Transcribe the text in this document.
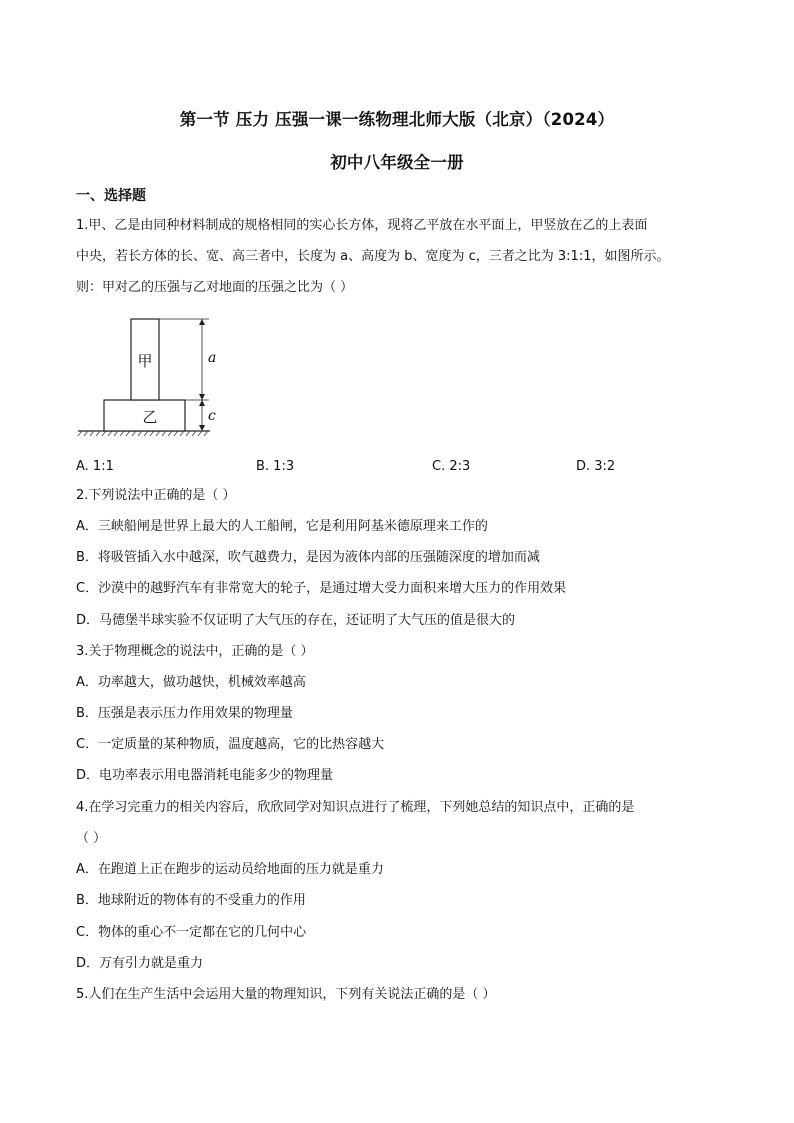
第一节 压力 压强一课一练物理北师大版（北京）（2024）
初中八年级全一册
一、选择题
1.甲、乙是由同种材料制成的规格相同的实心长方体，现将乙平放在水平面上，甲竖放在乙的上表面
中央，若长方体的长、宽、高三者中，长度为 a、高度为 b、宽度为 c，三者之比为 3:1:1，如图所示。
则：甲对乙的压强与乙对地面的压强之比为（ ）
甲
乙
a
c
A. 1:1	B. 1:3	C. 2:3	D. 3:2
2.下列说法中正确的是（ ）
A．三峡船闸是世界上最大的人工船闸，它是利用阿基米德原理来工作的
B．将吸管插入水中越深，吹气越费力，是因为液体内部的压强随深度的增加而减
C．沙漠中的越野汽车有非常宽大的轮子，是通过增大受力面积来增大压力的作用效果
D．马德堡半球实验不仅证明了大气压的存在，还证明了大气压的值是很大的
3.关于物理概念的说法中，正确的是（ ）
A．功率越大，做功越快，机械效率越高
B．压强是表示压力作用效果的物理量
C．一定质量的某种物质，温度越高，它的比热容越大
D．电功率表示用电器消耗电能多少的物理量
4.在学习完重力的相关内容后，欣欣同学对知识点进行了梳理，下列她总结的知识点中，正确的是
（ ）
A．在跑道上正在跑步的运动员给地面的压力就是重力
B．地球附近的物体有的不受重力的作用
C．物体的重心不一定都在它的几何中心
D．万有引力就是重力
5.人们在生产生活中会运用大量的物理知识，下列有关说法正确的是（ ）
